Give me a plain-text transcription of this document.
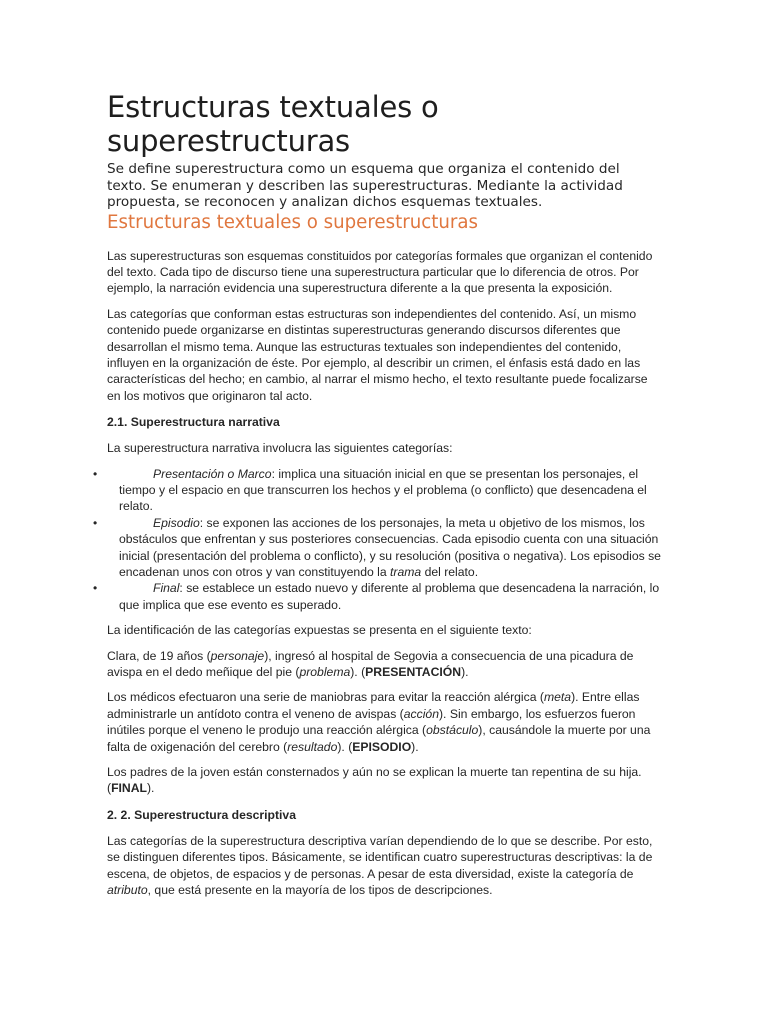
Estructuras textuales o superestructuras

Se define superestructura como un esquema que organiza el contenido del texto. Se enumeran y describen las superestructuras. Mediante la actividad propuesta, se reconocen y analizan dichos esquemas textuales.

Estructuras textuales o superestructuras

Las superestructuras son esquemas constituidos por categorías formales que organizan el contenido del texto. Cada tipo de discurso tiene una superestructura particular que lo diferencia de otros. Por ejemplo, la narración evidencia una superestructura diferente a la que presenta la exposición.

Las categorías que conforman estas estructuras son independientes del contenido. Así, un mismo contenido puede organizarse en distintas superestructuras generando discursos diferentes que desarrollan el mismo tema. Aunque las estructuras textuales son independientes del contenido, influyen en la organización de éste. Por ejemplo, al describir un crimen, el énfasis está dado en las características del hecho; en cambio, al narrar el mismo hecho, el texto resultante puede focalizarse en los motivos que originaron tal acto.

2.1. Superestructura narrativa

La superestructura narrativa involucra las siguientes categorías:

•	Presentación o Marco: implica una situación inicial en que se presentan los personajes, el tiempo y el espacio en que transcurren los hechos y el problema (o conflicto) que desencadena el relato.
•	Episodio: se exponen las acciones de los personajes, la meta u objetivo de los mismos, los obstáculos que enfrentan y sus posteriores consecuencias. Cada episodio cuenta con una situación inicial (presentación del problema o conflicto), y su resolución (positiva o negativa). Los episodios se encadenan unos con otros y van constituyendo la trama del relato.
•	Final: se establece un estado nuevo y diferente al problema que desencadena la narración, lo que implica que ese evento es superado.

La identificación de las categorías expuestas se presenta en el siguiente texto:

Clara, de 19 años (personaje), ingresó al hospital de Segovia a consecuencia de una picadura de avispa en el dedo meñique del pie (problema). (PRESENTACIÓN).

Los médicos efectuaron una serie de maniobras para evitar la reacción alérgica (meta). Entre ellas administrarle un antídoto contra el veneno de avispas (acción). Sin embargo, los esfuerzos fueron inútiles porque el veneno le produjo una reacción alérgica (obstáculo), causándole la muerte por una falta de oxigenación del cerebro (resultado). (EPISODIO).

Los padres de la joven están consternados y aún no se explican la muerte tan repentina de su hija. (FINAL).

2. 2. Superestructura descriptiva

Las categorías de la superestructura descriptiva varían dependiendo de lo que se describe. Por esto, se distinguen diferentes tipos. Básicamente, se identifican cuatro superestructuras descriptivas: la de escena, de objetos, de espacios y de personas. A pesar de esta diversidad, existe la categoría de atributo, que está presente en la mayoría de los tipos de descripciones.
